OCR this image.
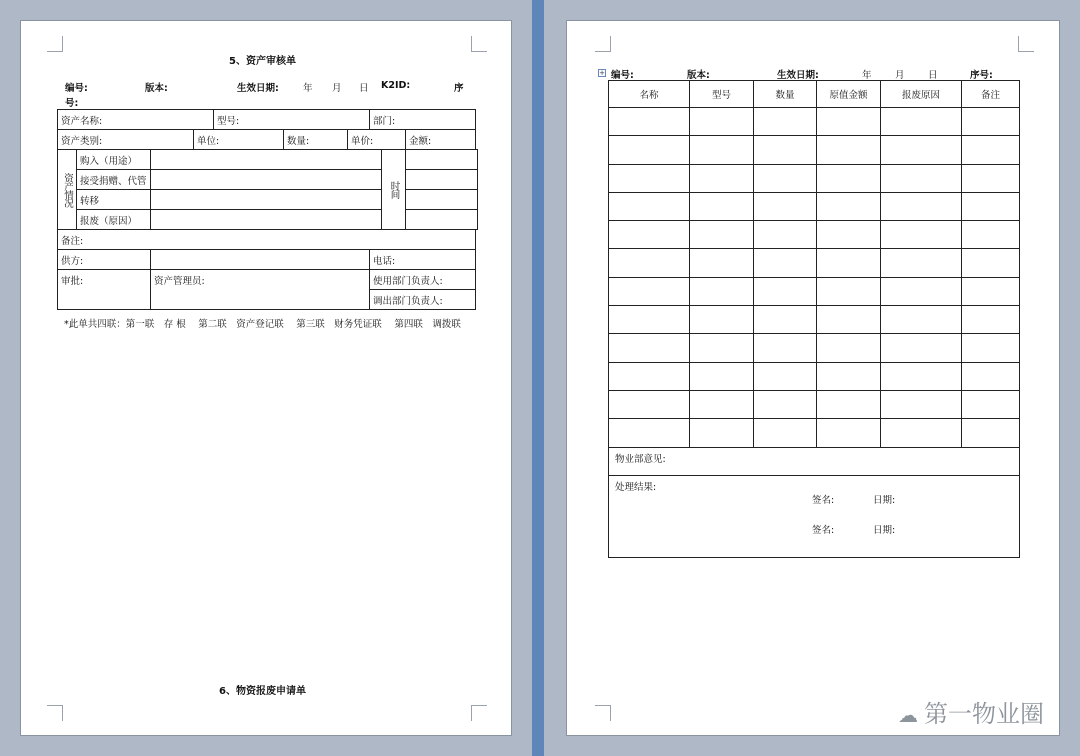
5、资产审核单
编号:	版本:	生效日期:	年 月 日 K2ID:	序
号:
资产名称:				型号:			部门:		
资产类别:			单位:		数量:	单价:			金额:
资产情况	购入（用途）							时间	
	接受捐赠、代管								
	转移								
	报废（原因）								
备注:									
供方:							电话:		
审批:		资产管理员:					使用部门负责人:		
							调出部门负责人:		
*此单共四联：第一联　存 根　 第二联　资产登记联　 第三联　财务凭证联　 第四联　调拨联
6、物资报废申请单
编号:	版本:	生效日期:	年 月 日	序号:
名称	型号	数量	原值金额	报废原因	备注

物业部意见:
签名: 日期:					

处理结果:
签名: 日期:					
+
☁ 第一物业圈
